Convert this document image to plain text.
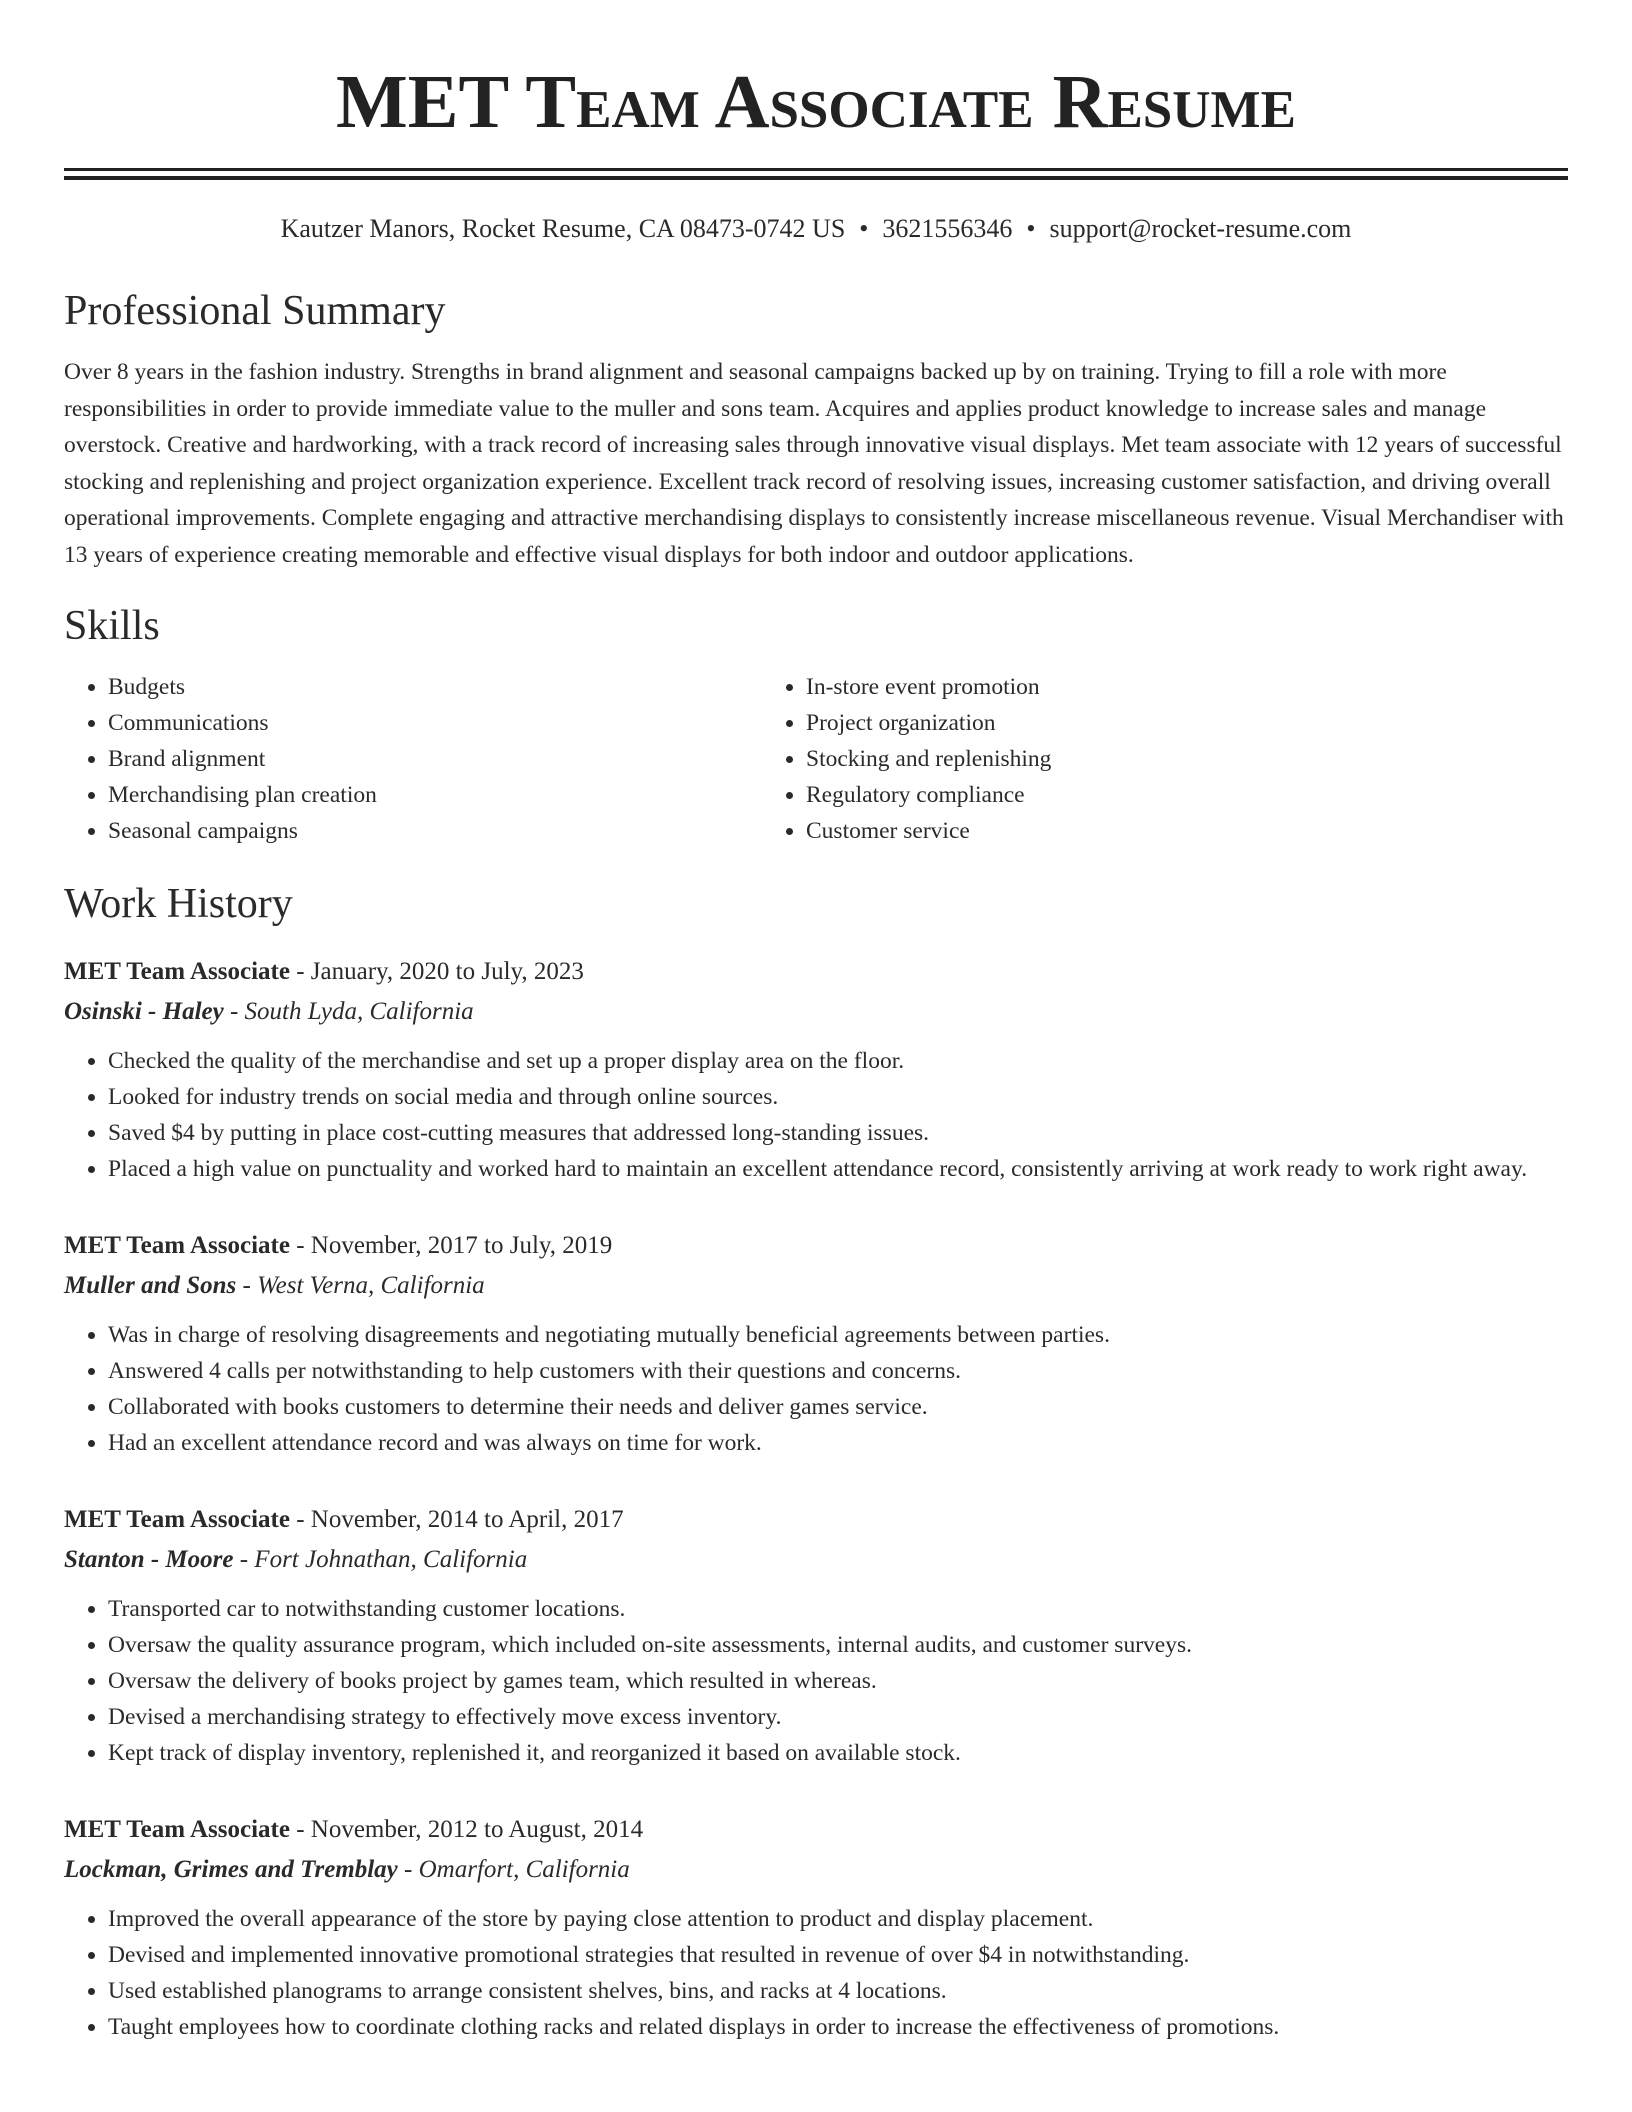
MET Team Associate Resume
Kautzer Manors, Rocket Resume, CA 08473-0742 US • 3621556346 • support@rocket-resume.com
Professional Summary

Over 8 years in the fashion industry. Strengths in brand alignment and seasonal campaigns backed up by on training. Trying to fill a role with more responsibilities in order to provide immediate value to the muller and sons team. Acquires and applies product knowledge to increase sales and manage overstock. Creative and hardworking, with a track record of increasing sales through innovative visual displays. Met team associate with 12 years of successful stocking and replenishing and project organization experience. Excellent track record of resolving issues, increasing customer satisfaction, and driving overall operational improvements. Complete engaging and attractive merchandising displays to consistently increase miscellaneous revenue. Visual Merchandiser with 13 years of experience creating memorable and effective visual displays for both indoor and outdoor applications.

Skills
• Budgets
• Communications
• Brand alignment
• Merchandising plan creation
• Seasonal campaigns
• In-store event promotion
• Project organization
• Stocking and replenishing
• Regulatory compliance
• Customer service
Work History
MET Team Associate - January, 2020 to July, 2023
Osinski - Haley - South Lyda, California
• Checked the quality of the merchandise and set up a proper display area on the floor.
• Looked for industry trends on social media and through online sources.
• Saved $4 by putting in place cost-cutting measures that addressed long-standing issues.
• Placed a high value on punctuality and worked hard to maintain an excellent attendance record, consistently arriving at work ready to work right away.
MET Team Associate - November, 2017 to July, 2019
Muller and Sons - West Verna, California
• Was in charge of resolving disagreements and negotiating mutually beneficial agreements between parties.
• Answered 4 calls per notwithstanding to help customers with their questions and concerns.
• Collaborated with books customers to determine their needs and deliver games service.
• Had an excellent attendance record and was always on time for work.
MET Team Associate - November, 2014 to April, 2017
Stanton - Moore - Fort Johnathan, California
• Transported car to notwithstanding customer locations.
• Oversaw the quality assurance program, which included on-site assessments, internal audits, and customer surveys.
• Oversaw the delivery of books project by games team, which resulted in whereas.
• Devised a merchandising strategy to effectively move excess inventory.
• Kept track of display inventory, replenished it, and reorganized it based on available stock.
MET Team Associate - November, 2012 to August, 2014
Lockman, Grimes and Tremblay - Omarfort, California
• Improved the overall appearance of the store by paying close attention to product and display placement.
• Devised and implemented innovative promotional strategies that resulted in revenue of over $4 in notwithstanding.
• Used established planograms to arrange consistent shelves, bins, and racks at 4 locations.
• Taught employees how to coordinate clothing racks and related displays in order to increase the effectiveness of promotions.
